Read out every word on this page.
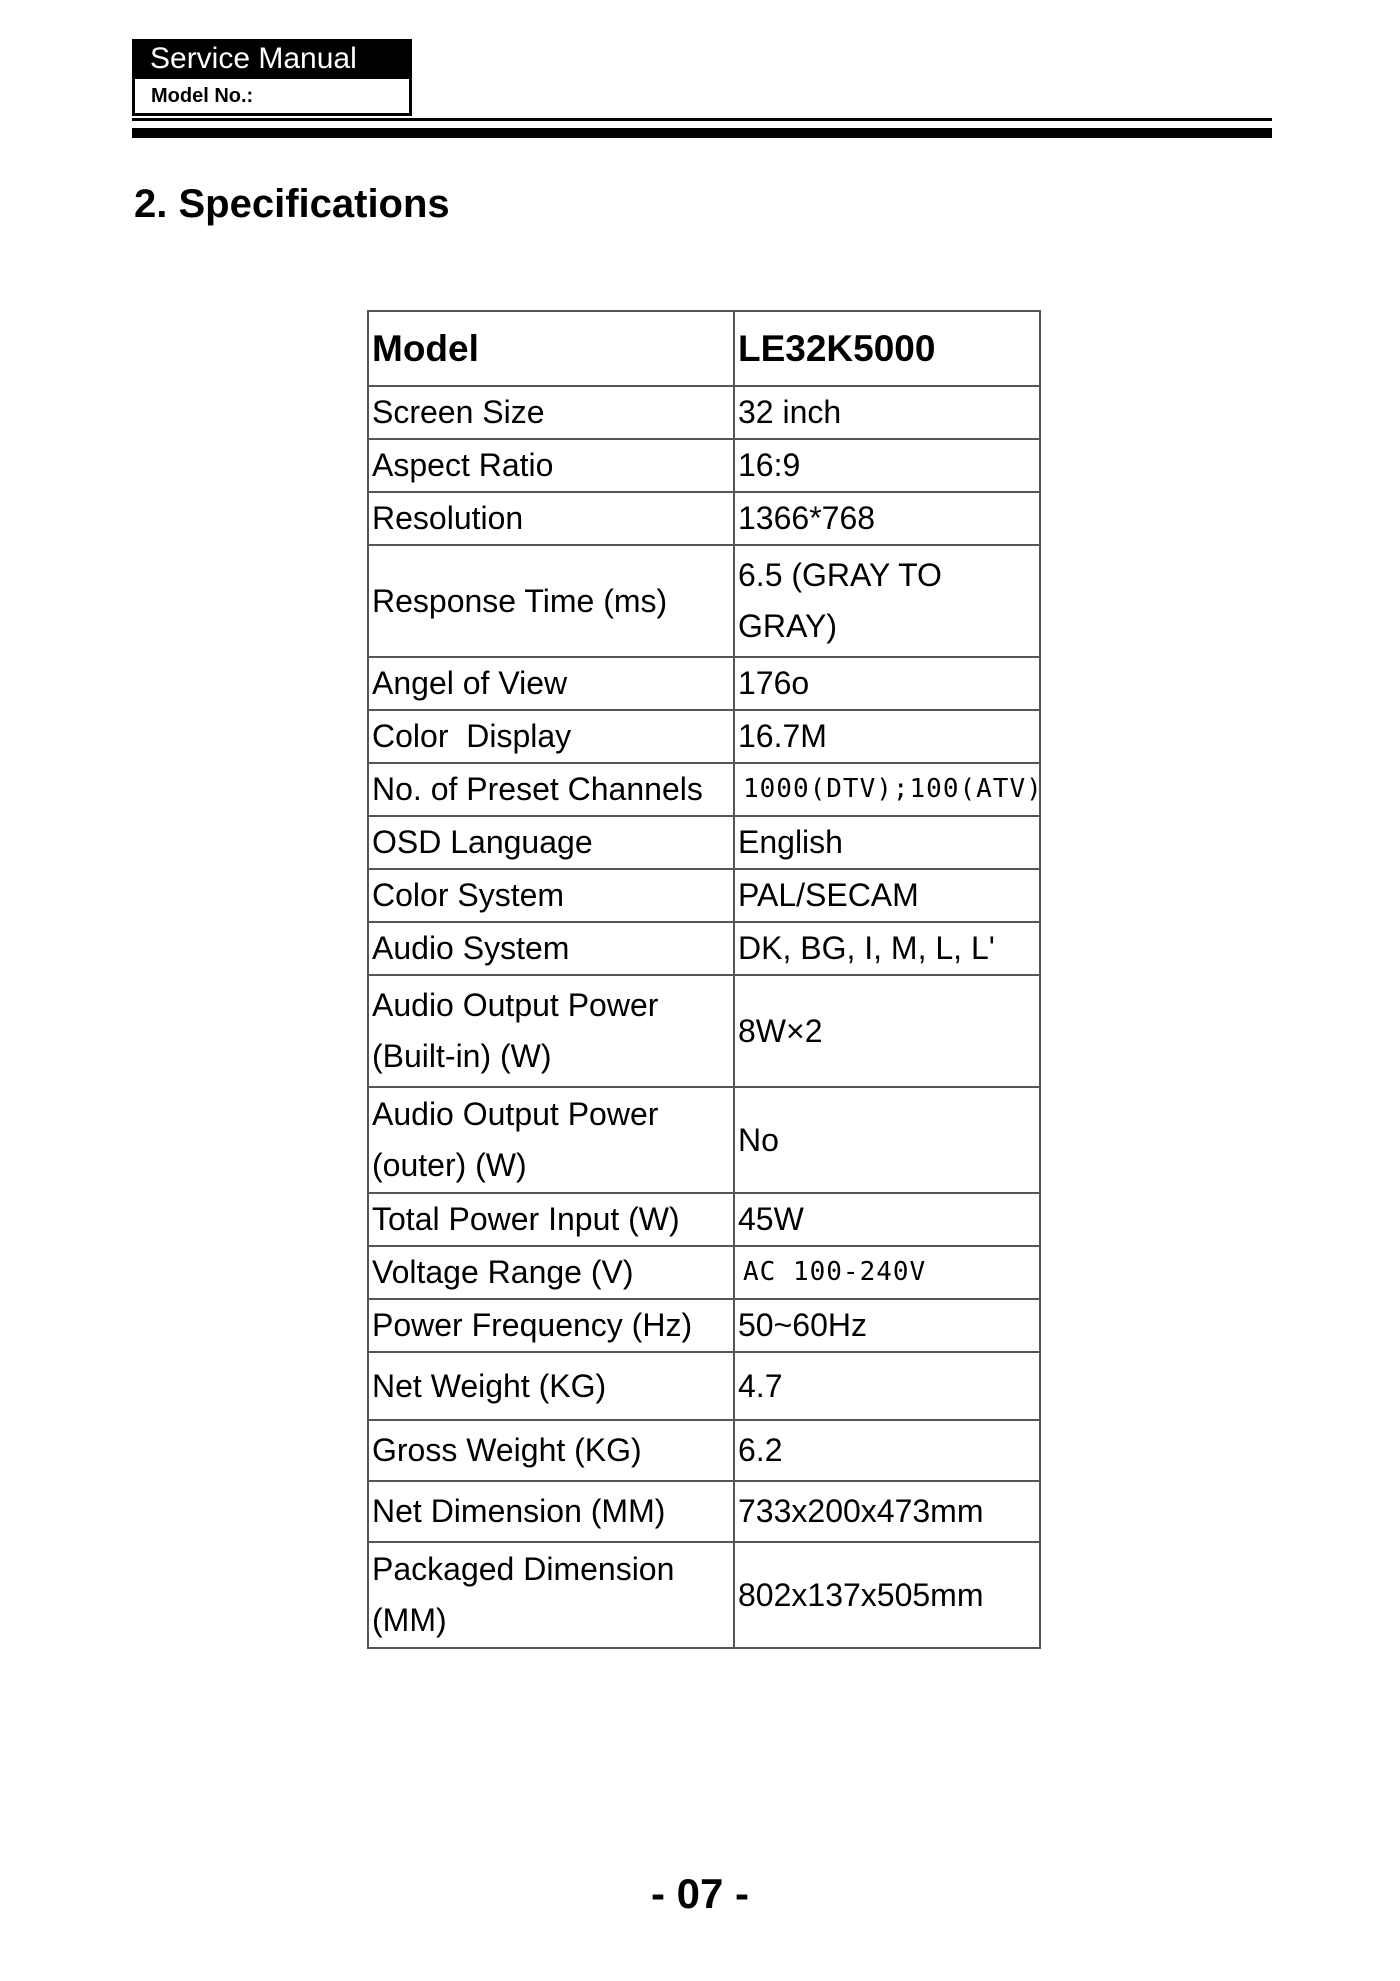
Service Manual
Model No.:
2. Specifications
Model	LE32K5000
Screen Size	32 inch
Aspect Ratio	16:9
Resolution	1366*768
Response Time (ms)	6.5 (GRAY TO GRAY)
Angel of View	176o
Color  Display	16.7M
No. of Preset Channels	1000(DTV);100(ATV)
OSD Language	English
Color System	PAL/SECAM
Audio System	DK, BG, I, M, L, L'
Audio Output Power (Built-in) (W)	8W×2
Audio Output Power (outer) (W)	No
Total Power Input (W)	45W
Voltage Range (V)	AC 100-240V
Power Frequency (Hz)	50~60Hz
Net Weight (KG)	4.7
Gross Weight (KG)	6.2
Net Dimension (MM)	733x200x473mm
Packaged Dimension (MM)	802x137x505mm
- 07 -
